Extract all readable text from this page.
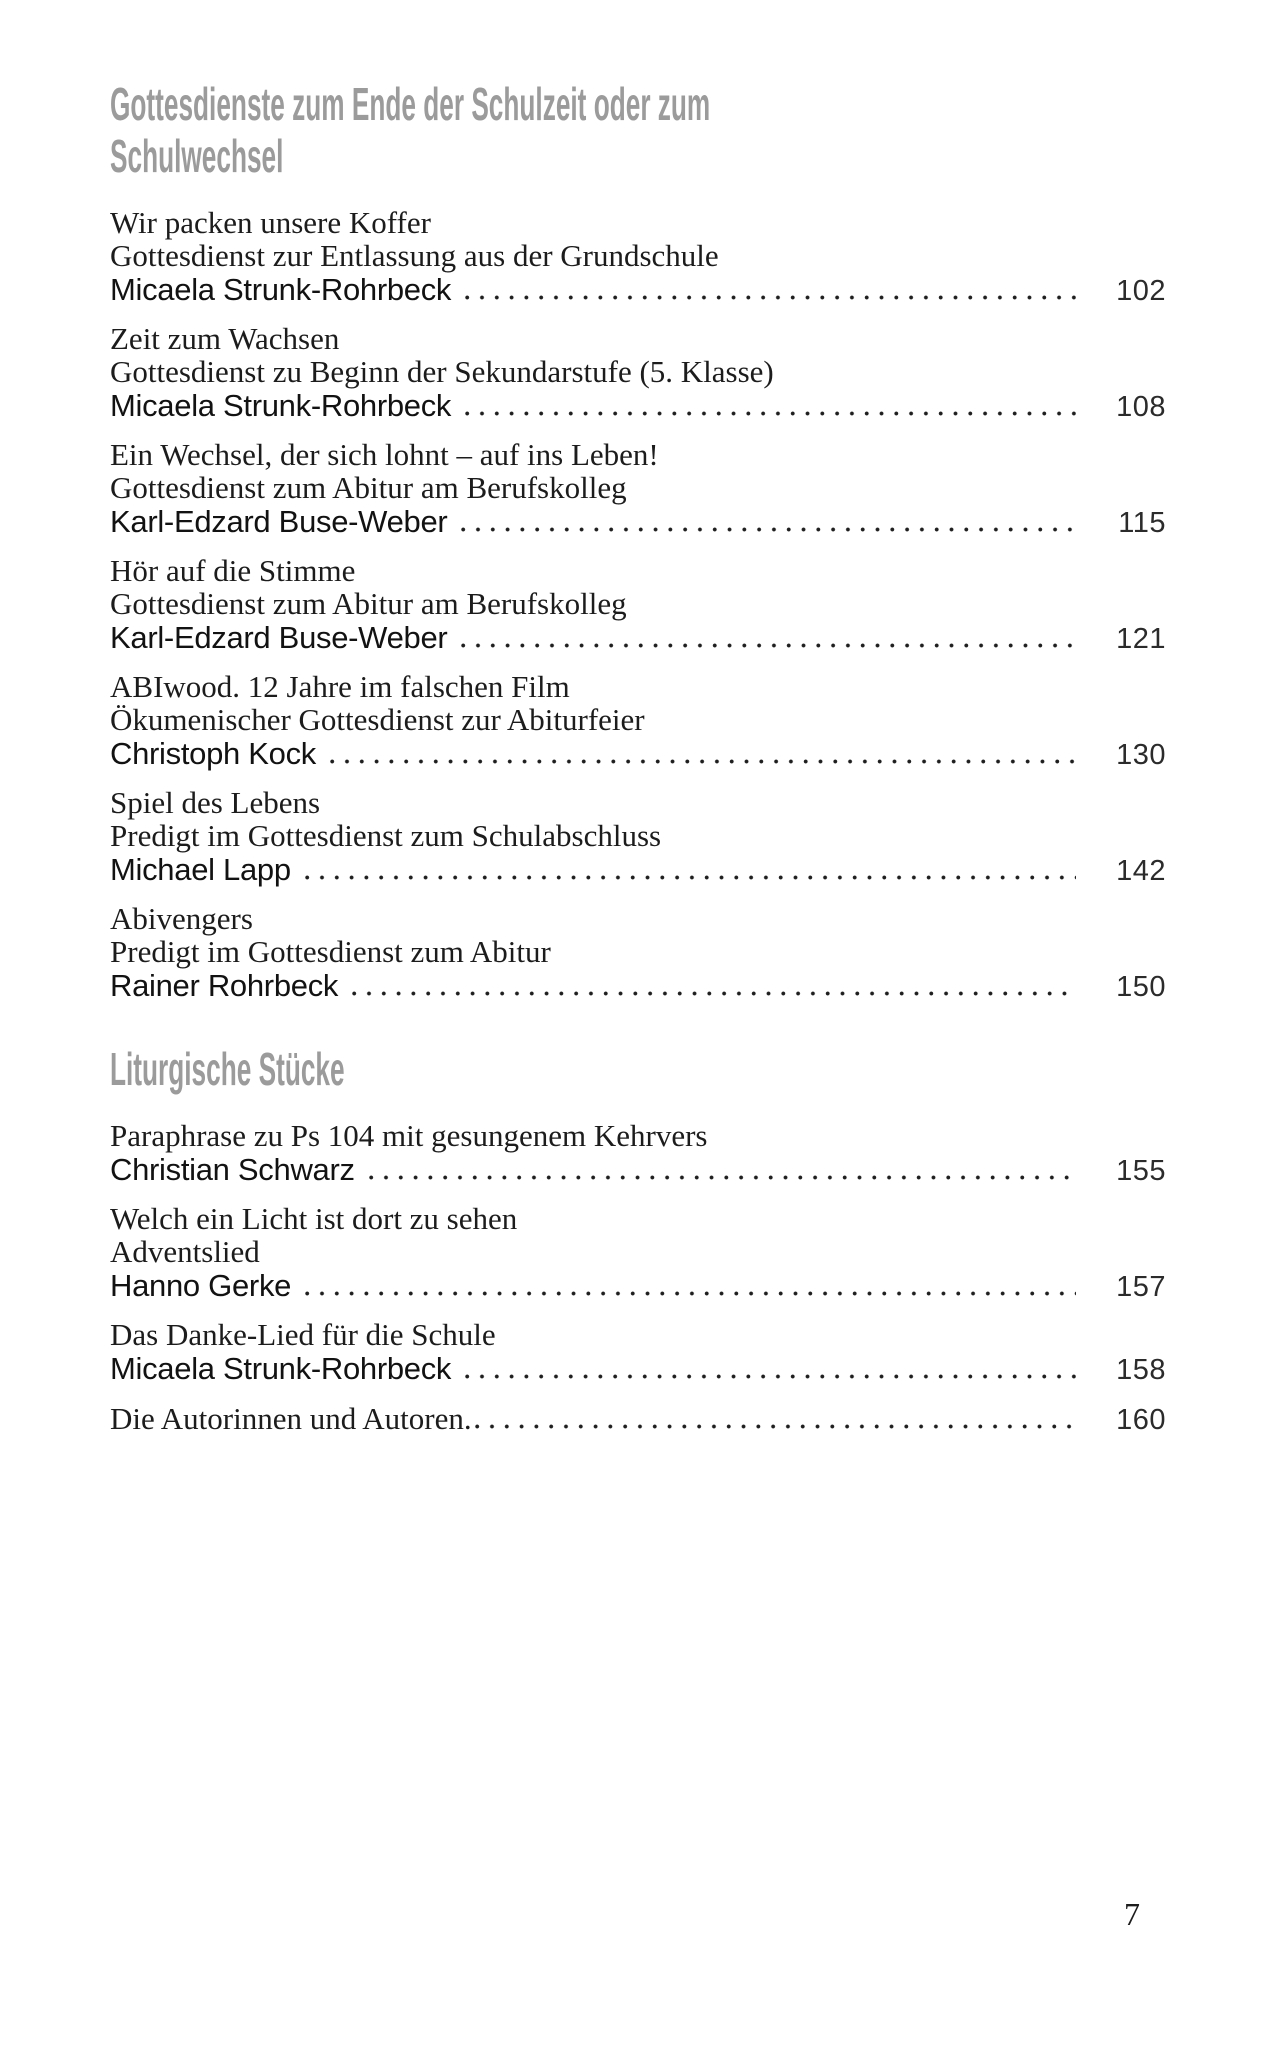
Gottesdienste zum Ende der Schulzeit oder zum
Schulwechsel
Wir packen unsere Koffer
Gottesdienst zur Entlassung aus der Grundschule
Micaela Strunk-Rohrbeck	102
Zeit zum Wachsen
Gottesdienst zu Beginn der Sekundarstufe (5. Klasse)
Micaela Strunk-Rohrbeck	108
Ein Wechsel, der sich lohnt – auf ins Leben!
Gottesdienst zum Abitur am Berufskolleg
Karl-Edzard Buse-Weber	115
Hör auf die Stimme
Gottesdienst zum Abitur am Berufskolleg
Karl-Edzard Buse-Weber	121
ABIwood. 12 Jahre im falschen Film
Ökumenischer Gottesdienst zur Abiturfeier
Christoph Kock	130
Spiel des Lebens
Predigt im Gottesdienst zum Schulabschluss
Michael Lapp	142
Abivengers
Predigt im Gottesdienst zum Abitur
Rainer Rohrbeck	150
Liturgische Stücke
Paraphrase zu Ps 104 mit gesungenem Kehrvers
Christian Schwarz	155
Welch ein Licht ist dort zu sehen
Adventslied
Hanno Gerke	157
Das Danke-Lied für die Schule
Micaela Strunk-Rohrbeck	158
Die Autorinnen und Autoren.	160
7
